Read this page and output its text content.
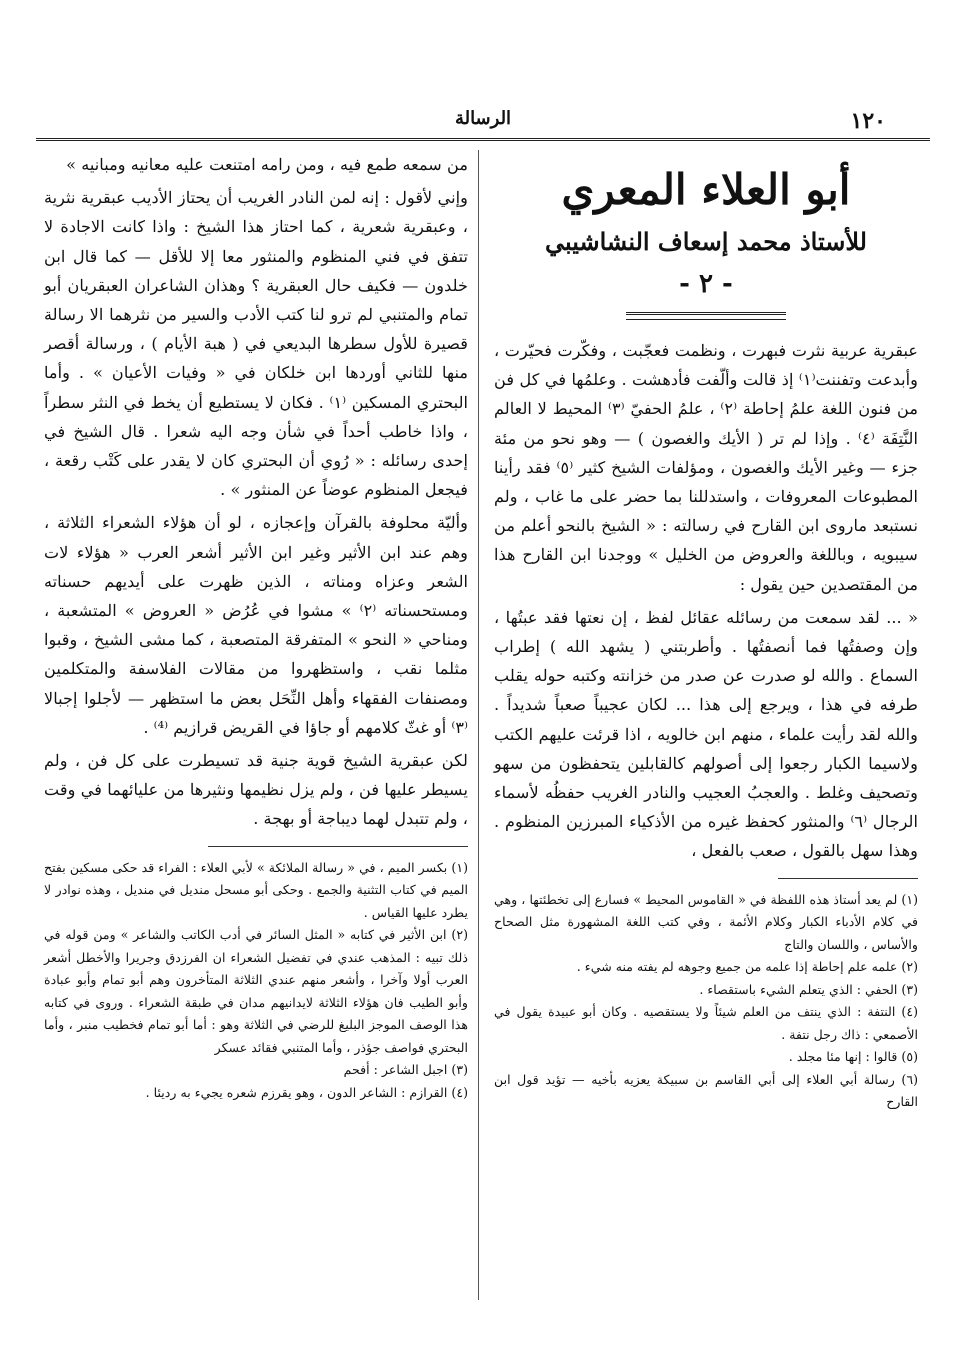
١٢٠
الرسالة
أبو العلاء المعري
للأستاذ محمد إسعاف النشاشيبي
- ٢ -

عبقرية عربية نثرت فبهرت ، ونظمت فعجّبت ، وفكّرت فحيّرت ، وأبدعت وتفننت⁽١⁾ إذ قالت وألّفت فأدهشت . وعلمُها في كل فن من فنون اللغة علمُ إحاطة ⁽٢⁾ ، علمُ الحفيّ ⁽٣⁾ المحيط لا العالم النَّتِفَة ⁽٤⁾ . وإذا لم تر ( الأيك والغصون ) — وهو نحو من مئة جزء — وغير الأيك والغصون ، ومؤلفات الشيخ كثير ⁽٥⁾ فقد رأينا المطبوعات المعروفات ، واستدللنا بما حضر على ما غاب ، ولم نستبعد ماروى ابن القارح في رسالته : « الشيخ بالنحو أعلم من سيبويه ، وباللغة والعروض من الخليل » ووجدنا ابن القارح هذا من المقتصدين حين يقول :

« ... لقد سمعت من رسائله عقائل لفظ ، إن نعتها فقد عبتُها ، وإن وصفتُها فما أنصفتُها . وأطربتني ( يشهد الله ) إطراب السماع . والله لو صدرت عن صدر من خزانته وكتبه حوله يقلب طرفه في هذا ، ويرجع إلى هذا ... لكان عجيباً صعباً شديداً . والله لقد رأيت علماء ، منهم ابن خالويه ، اذا قرئت عليهم الكتب ولاسيما الكبار رجعوا إلى أصولهم كالقابلين يتحفظون من سهو وتصحيف وغلط . والعجبُ العجيب والنادر الغريب حفظُه لأسماء الرجال ⁽٦⁾ والمنثور كحفظ غيره من الأذكياء المبرزين المنظوم . وهذا سهل بالقول ، صعب بالفعل ،

(١) لم يعد أستاذ هذه اللفظة في « القاموس المحيط » فسارع إلى تخطئتها ، وهي في كلام الأدباء الكبار وكلام الأئمة ، وفي كتب اللغة المشهورة مثل الصحاح والأساس ، واللسان والتاج

(٢) علمه علم إحاطة إذا علمه من جميع وجوهه لم يفته منه شيء .

(٣) الحفي : الذي يتعلم الشيء باستقصاء .

(٤) النتفة : الذي ينتف من العلم شيئاً ولا يستقصيه . وكان أبو عبيدة يقول في الأصمعي : ذاك رجل نتفة .

(٥) قالوا : إنها مئا مجلد .

(٦) رسالة أبي العلاء إلى أبي القاسم بن سبيكة يعزيه بأخيه — تؤيد قول ابن القارح

من سمعه طمع فيه ، ومن رامه امتنعت عليه معانيه ومبانيه »

وإني لأقول : إنه لمن النادر الغريب أن يحتاز الأديب عبقرية نثرية ، وعبقرية شعرية ، كما احتاز هذا الشيخ : واذا كانت الاجادة لا تتفق في فني المنظوم والمنثور معا إلا للأقل — كما قال ابن خلدون — فكيف حال العبقرية ؟ وهذان الشاعران العبقريان أبو تمام والمتنبي لم ترو لنا كتب الأدب والسير من نثرهما الا رسالة قصيرة للأول سطرها البديعي في ( هبة الأيام ) ، ورسالة أقصر منها للثاني أوردها ابن خلكان في « وفيات الأعيان » . وأما البحتري المسكين ⁽١⁾ . فكان لا يستطيع أن يخط في النثر سطراً ، واذا خاطب أحداً في شأن وجه اليه شعرا . قال الشيخ في إحدى رسائله : « رُوي أن البحتري كان لا يقدر على كَتْب رقعة ، فيجعل المنظوم عوضاً عن المنثور » .

وأليّة محلوفة بالقرآن وإعجازه ، لو أن هؤلاء الشعراء الثلاثة ، وهم عند ابن الأثير وغير ابن الأثير أشعر العرب « هؤلاء لات الشعر وعزاه ومناته ، الذين ظهرت على أيديهم حسناته ومستحسناته ⁽٢⁾ » مشوا في عُرُض « العروض » المتشعبة ، ومناحي « النحو » المتفرقة المتصعبة ، كما مشى الشيخ ، وقبوا مثلما نقب ، واستظهروا من مقالات الفلاسفة والمتكلمين ومصنفات الفقهاء وأهل النِّحَل بعض ما استظهر — لأجلوا إجبالا ⁽٣⁾ أو غثّ كلامهم أو جاؤا في القريض قرازيم ⁽⁴⁾ .

لكن عبقرية الشيخ قوية جنية قد تسيطرت على كل فن ، ولم يسيطر عليها فن ، ولم يزل نظيمها ونثيرها من عليائهما في وقت ، ولم تتبدل لهما ديباجة أو بهجة .

(١) بكسر الميم ، في « رسالة الملائكة » لأبي العلاء : الفراء قد حكى مسكين بفتح الميم في كتاب التثنية والجمع . وحكى أبو مسحل منديل في منديل ، وهذه نوادر لا يطرد عليها القياس .

(٢) ابن الأثير في كتابه « المثل السائر في أدب الكاتب والشاعر » ومن قوله في ذلك تبيه : المذهب عندي في تفضيل الشعراء ان الفرزدق وجريرا والأخطل أشعر العرب أولا وآخرا ، وأشعر منهم عندي الثلاثة المتأخرون وهم أبو تمام وأبو عبادة وأبو الطيب فان هؤلاء الثلاثة لايدانيهم مدان في طبقة الشعراء . وروى في كتابه هذا الوصف الموجز البليغ للرضي في الثلاثة وهو : أما أبو تمام فخطيب منبر ، وأما البحتري فواصف جؤذر ، وأما المتنبي فقائد عسكر

(٣) اجبل الشاعر : أفحم

(٤) القرازم : الشاعر الدون ، وهو يقرزم شعره يجيء به رديئا .
